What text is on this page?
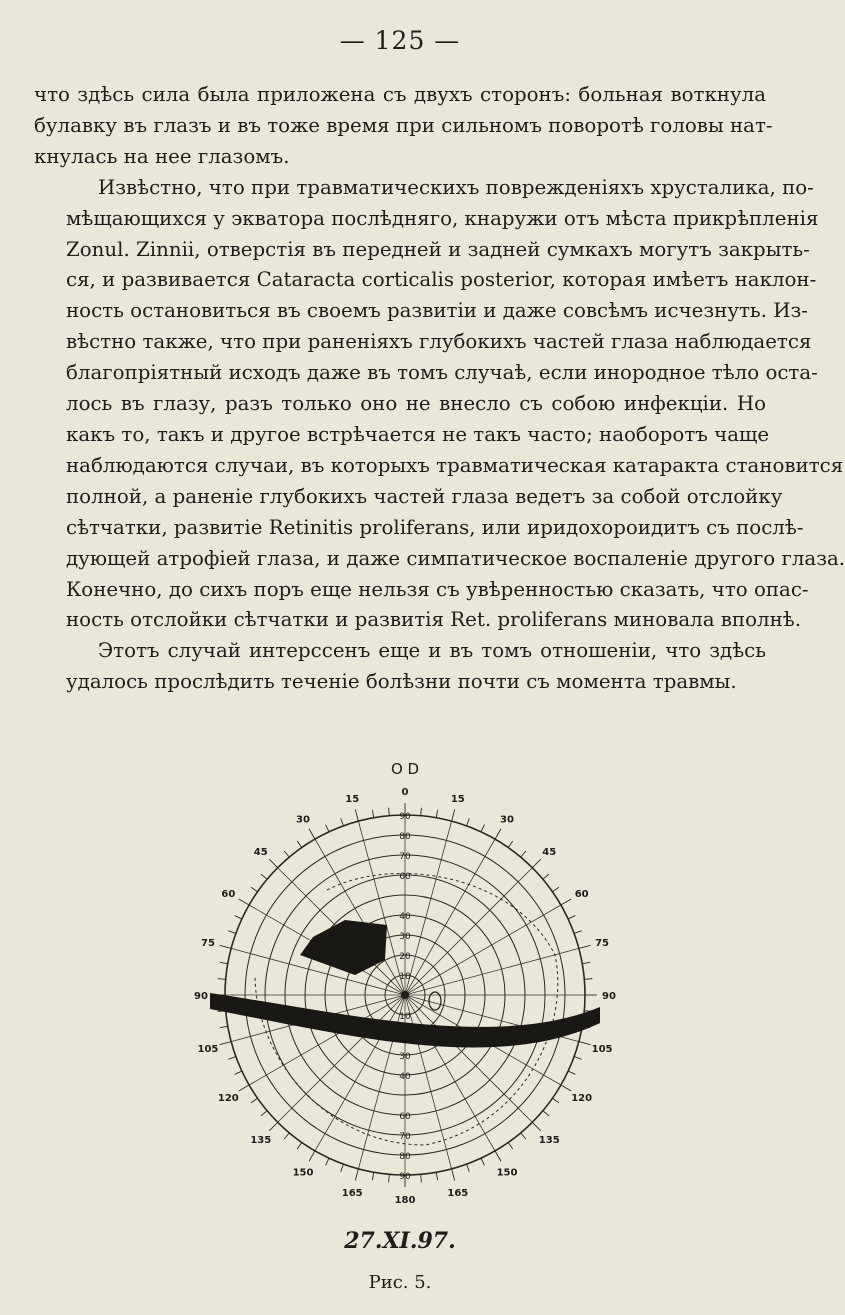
— 125 —
что здѣсь сила была приложена съ двухъ сторонъ: больная воткнула
булавку въ глазъ и въ тоже время при сильномъ поворотѣ головы нат-
кнулась на нее глазомъ.
Извѣстно, что при травматическихъ поврежденіяхъ хрусталика, по-
мѣщающихся у экватора послѣдняго, кнаружи отъ мѣста прикрѣпленія
Zonul. Zinnii, отверстія въ передней и задней сумкахъ могутъ закрыть-
ся, и развивается Cataracta corticalis posterior, которая имѣетъ наклон-
ность остановиться въ своемъ развитіи и даже совсѣмъ исчезнуть. Из-
вѣстно также, что при раненіяхъ глубокихъ частей глаза наблюдается
благопріятный исходъ даже въ томъ случаѣ, если инородное тѣло оста-
лось въ глазу, разъ только оно не внесло съ собою инфекціи. Но
какъ то, такъ и другое встрѣчается не такъ часто; наоборотъ чаще
наблюдаются случаи, въ которыхъ травматическая катаракта становится
полной, а раненіе глубокихъ частей глаза ведетъ за собой отслойку
сѣтчатки, развитіе Retinitis proliferans, или иридохороидитъ съ послѣ-
дующей атрофіей глаза, и даже симпатическое воспаленіе другого глаза.
Конечно, до сихъ поръ еще нельзя съ увѣренностью сказать, что опас-
ность отслойки сѣтчатки и развитія Ret. proliferans миновала вполнѣ.
Этотъ случай интерссенъ еще и въ томъ отношеніи, что здѣсь
удалось прослѣдить теченіе болѣзни почти съ момента травмы.
O D
0
15
30
45
60
75
90
105
120
135
150
165
180
165
150
135
120
105
90
75
60
45
30
15
90
80
70
60
40
30
20
10
10
30
40
60
70
80
90
27.XI.97.
Рис. 5.
